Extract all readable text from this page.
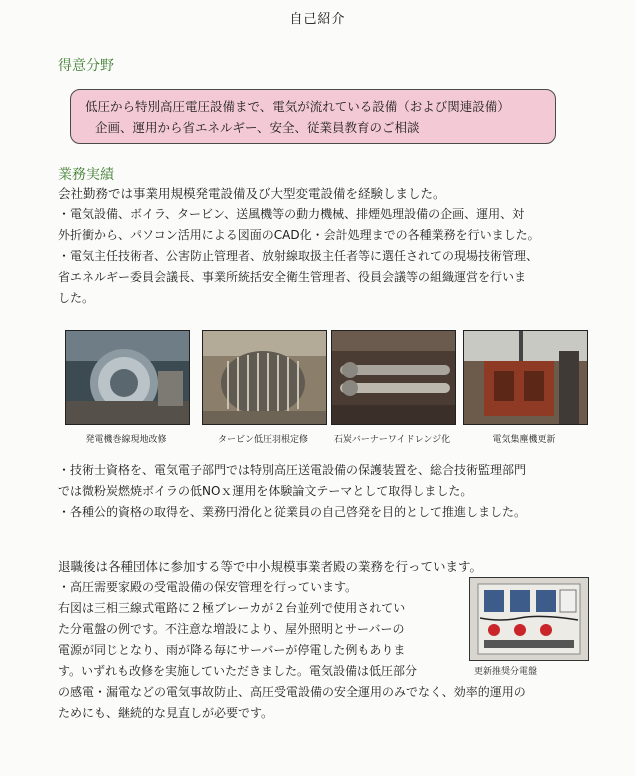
自己紹介
得意分野
低圧から特別高圧電圧設備まで、電気が流れている設備（および関連設備）
企画、運用から省エネルギー、安全、従業員教育のご相談
業務実績
会社勤務では事業用規模発電設備及び大型変電設備を経験しました。
・電気設備、ボイラ、タービン、送風機等の動力機械、排煙処理設備の企画、運用、対
外折衝から、パソコン活用による図面のCAD化・会計処理までの各種業務を行いました。
・電気主任技術者、公害防止管理者、放射線取扱主任者等に選任されての現場技術管理、
省エネルギー委員会議長、事業所統括安全衛生管理者、役員会議等の組織運営を行いま
した。
発電機巻線現地改修	タービン低圧羽根定修	石炭バーナーワイドレンジ化	電気集塵機更新
・技術士資格を、電気電子部門では特別高圧送電設備の保護装置を、総合技術監理部門
では微粉炭燃焼ボイラの低NOｘ運用を体験論文テーマとして取得しました。
・各種公的資格の取得を、業務円滑化と従業員の自己啓発を目的として推進しました。
退職後は各種団体に参加する等で中小規模事業者殿の業務を行っています。
・高圧需要家殿の受電設備の保安管理を行っています。
右図は三相三線式電路に２極ブレーカが２台並列で使用されてい
た分電盤の例です。不注意な増設により、屋外照明とサーバーの
電源が同じとなり、雨が降る毎にサーバーが停電した例もありま
す。いずれも改修を実施していただきました。電気設備は低圧部分
の感電・漏電などの電気事故防止、高圧受電設備の安全運用のみでなく、効率的運用の
ためにも、継続的な見直しが必要です。
更新推奨分電盤
